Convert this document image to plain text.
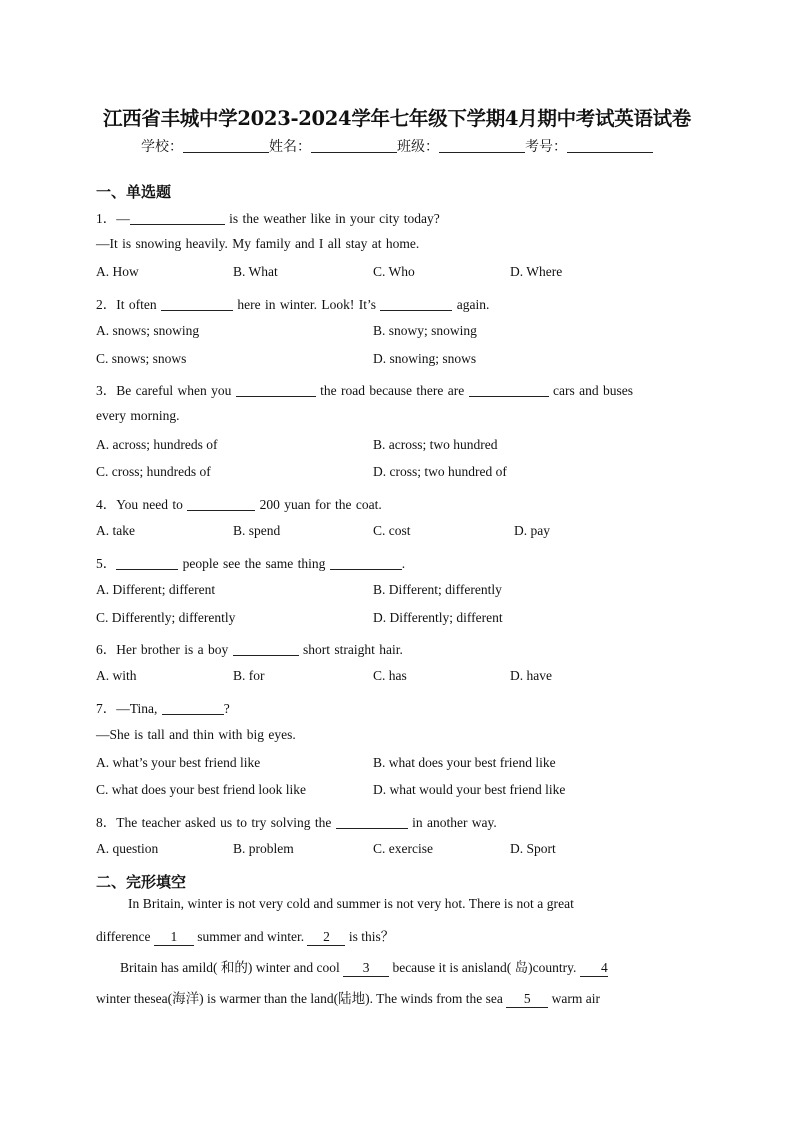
江西省丰城中学2023-2024学年七年级下学期4月期中考试英语试卷
学校：	姓名：	班级：	考号：
一、单选题
1．—	is the weather like in your city today?
—It is snowing heavily. My family and I all stay at home.
A. How	B. What	C. Who	D. Where
2．It often	here in winter. Look! It’s	again.
A. snows; snowing	B. snowy; snowing
C. snows; snows	D. snowing; snows
3．Be careful when you	the road because there are	cars and buses
every morning.
A. across; hundreds of	B. across; two hundred
C. cross; hundreds of	D. cross; two hundred of
4．You need to	200 yuan for the coat.
A. take	B. spend	C. cost	D. pay
5．	people see the same thing	.
A. Different; different	B. Different; differently
C. Differently; differently	D. Differently; different
6．Her brother is a boy	short straight hair.
A. with	B. for	C. has	D. have
7．—Tina,	?
—She is tall and thin with big eyes.
A. what’s your best friend like	B. what does your best friend like
C. what does your best friend look like	D. what would your best friend like
8．The teacher asked us to try solving the	in another way.
A. question	B. problem	C. exercise	D. Sport
二、完形填空
In Britain, winter is not very cold and summer is not very hot. There is not a great
difference 1 summer and winter. 2 is this？
Britain has amild( 和的) winter and cool 3 because it is anisland( 岛)country. 4
winter thesea(海洋) is warmer than the land(陆地). The winds from the sea 5 warm air
